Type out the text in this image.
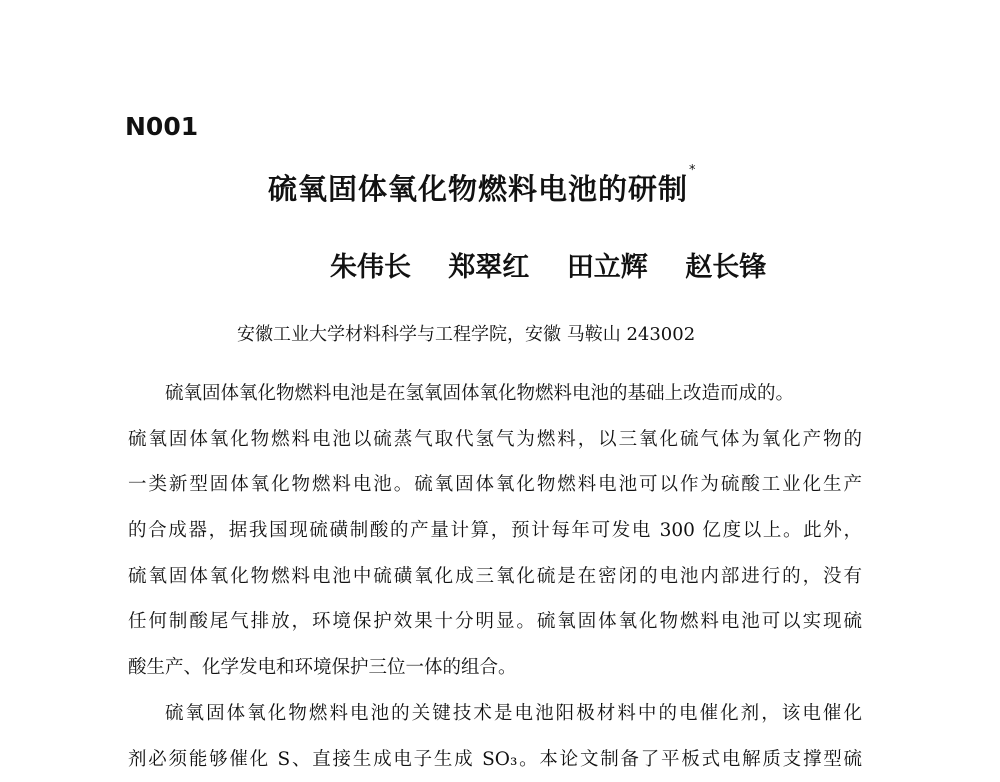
N001
硫氧固体氧化物燃料电池的研制*
朱伟长 郑翠红 田立辉 赵长锋
安徽工业大学材料科学与工程学院，安徽 马鞍山 243002
硫氧固体氧化物燃料电池是在氢氧固体氧化物燃料电池的基础上改造而成的。
硫氧固体氧化物燃料电池以硫蒸气取代氢气为燃料，以三氧化硫气体为氧化产物的
一类新型固体氧化物燃料电池。硫氧固体氧化物燃料电池可以作为硫酸工业化生产
的合成器，据我国现硫磺制酸的产量计算，预计每年可发电 300 亿度以上。此外，
硫氧固体氧化物燃料电池中硫磺氧化成三氧化硫是在密闭的电池内部进行的，没有
任何制酸尾气排放，环境保护效果十分明显。硫氧固体氧化物燃料电池可以实现硫
酸生产、化学发电和环境保护三位一体的组合。
硫氧固体氧化物燃料电池的关键技术是电池阳极材料中的电催化剂，该电催化
剂必须能够催化 S、直接生成电子生成 SO₃。本论文制备了平板式电解质支撑型硫
